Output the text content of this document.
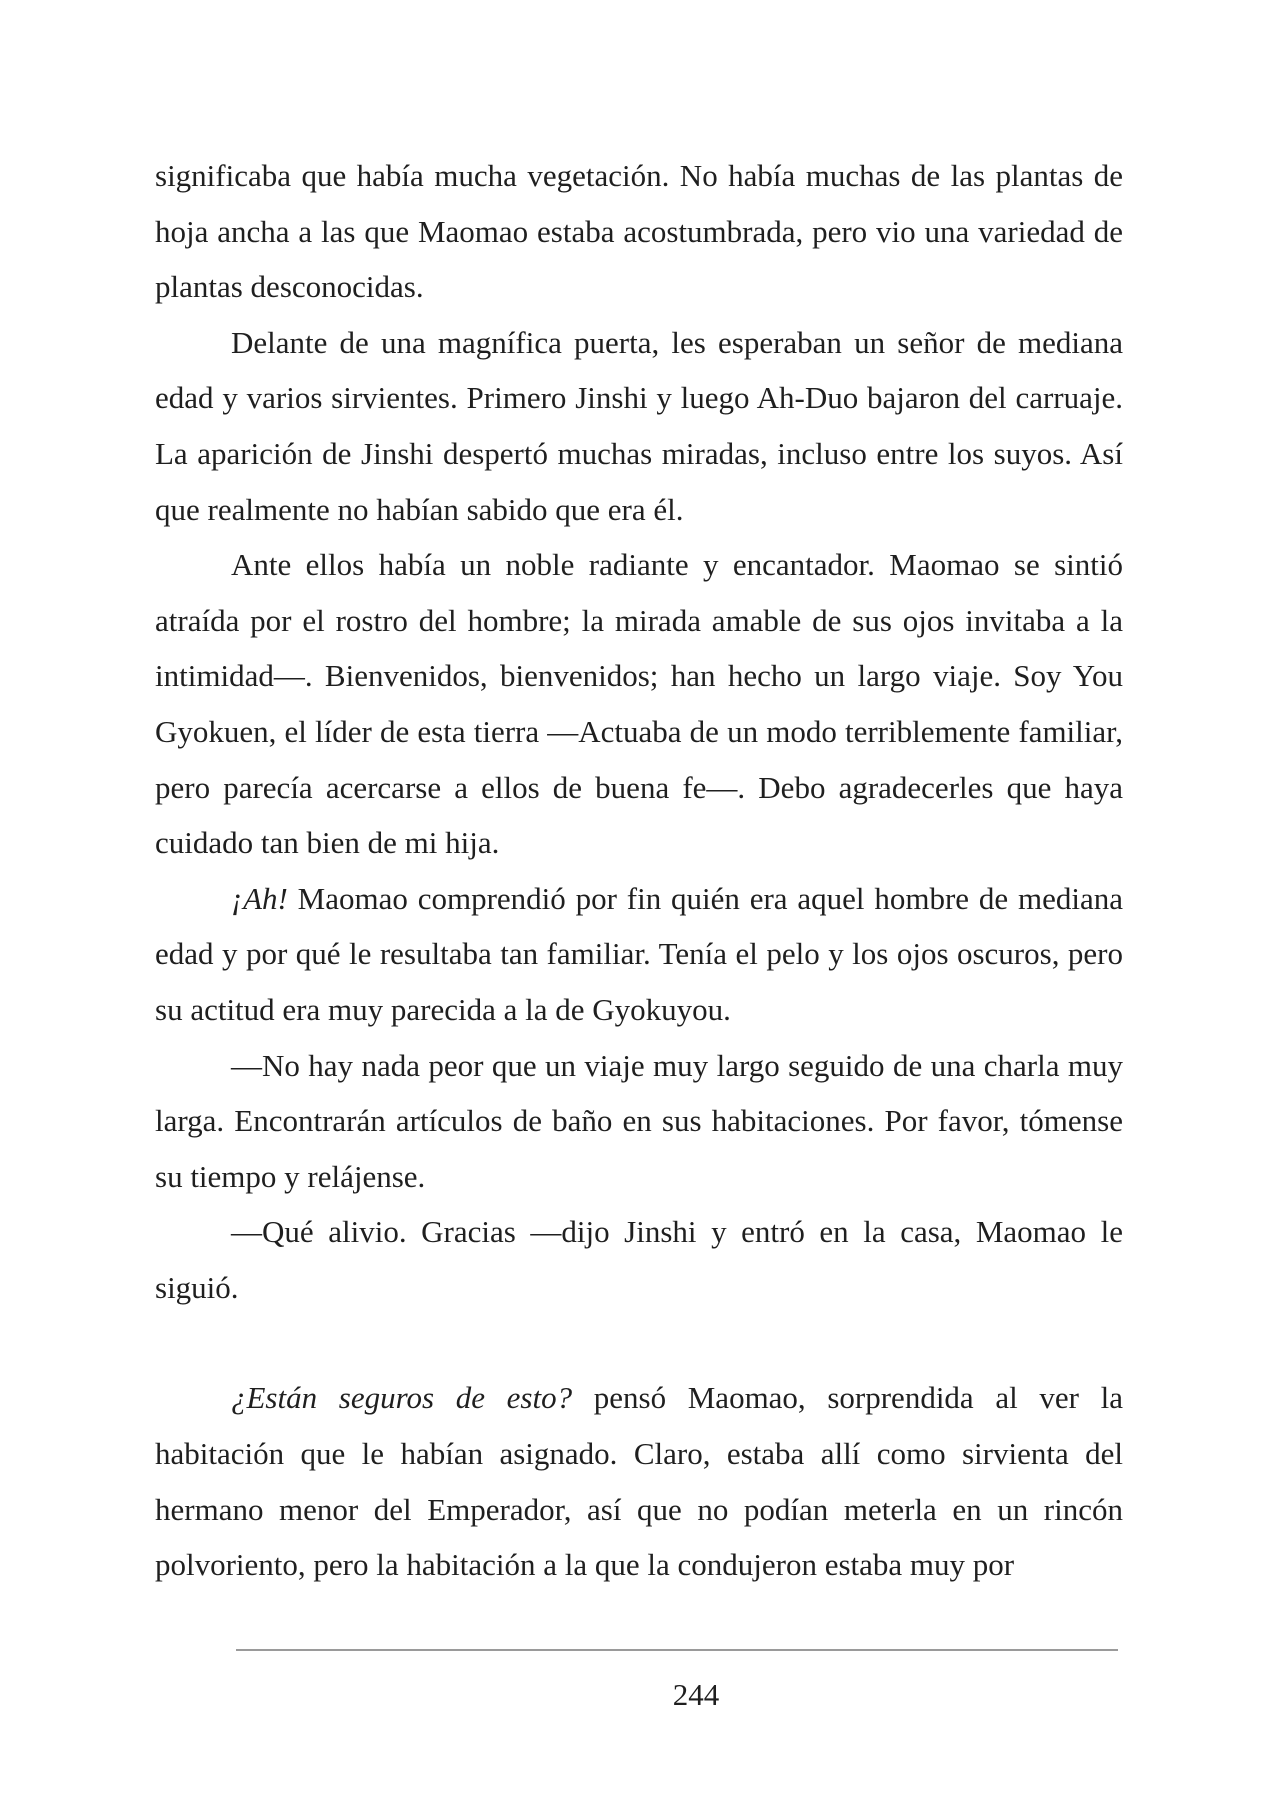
significaba que había mucha vegetación. No había muchas de las plantas de hoja ancha a las que Maomao estaba acostumbrada, pero vio una variedad de plantas desconocidas.

Delante de una magnífica puerta, les esperaban un señor de mediana edad y varios sirvientes. Primero Jinshi y luego Ah-Duo bajaron del carruaje. La aparición de Jinshi despertó muchas miradas, incluso entre los suyos. Así que realmente no habían sabido que era él.

Ante ellos había un noble radiante y encantador. Maomao se sintió atraída por el rostro del hombre; la mirada amable de sus ojos invitaba a la intimidad—. Bienvenidos, bienvenidos; han hecho un largo viaje. Soy You Gyokuen, el líder de esta tierra —Actuaba de un modo terriblemente familiar, pero parecía acercarse a ellos de buena fe—. Debo agradecerles que haya cuidado tan bien de mi hija.

¡Ah! Maomao comprendió por fin quién era aquel hombre de mediana edad y por qué le resultaba tan familiar. Tenía el pelo y los ojos oscuros, pero su actitud era muy parecida a la de Gyokuyou.

—No hay nada peor que un viaje muy largo seguido de una charla muy larga. Encontrarán artículos de baño en sus habitaciones. Por favor, tómense su tiempo y relájense.

—Qué alivio. Gracias —dijo Jinshi y entró en la casa, Maomao le siguió.

¿Están seguros de esto? pensó Maomao, sorprendida al ver la habitación que le habían asignado. Claro, estaba allí como sirvienta del hermano menor del Emperador, así que no podían meterla en un rincón polvoriento, pero la habitación a la que la condujeron estaba muy por

244
